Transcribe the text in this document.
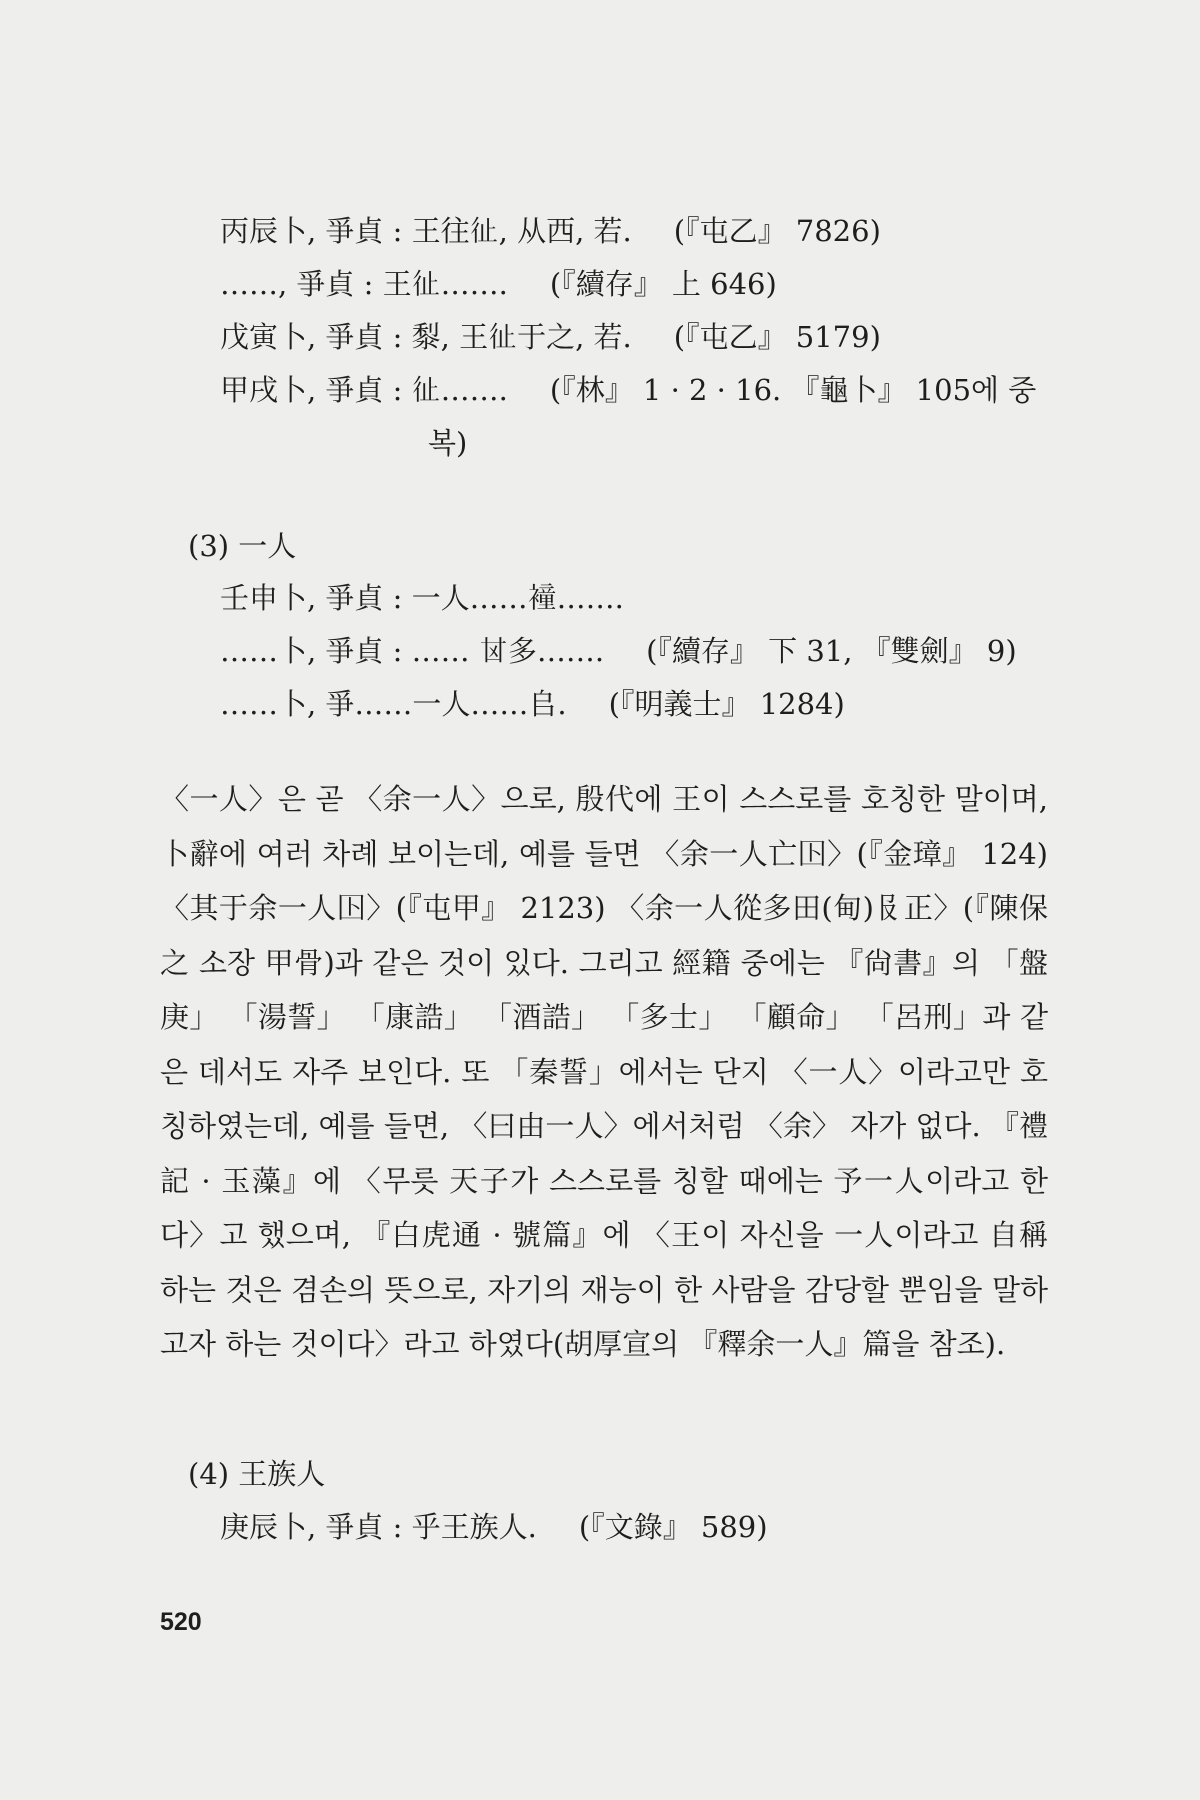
丙辰卜, 爭貞 : 王往𢓊, 从西, 若. (『屯乙』 7826)
……, 爭貞 : 王𢓊……. (『續存』 上 646)
戊寅卜, 爭貞 : 㴝, 王𢓊于之, 若. (『屯乙』 5179)
甲戌卜, 爭貞 : 𢓊……. (『林』 1 · 2 · 16. 『龜卜』 105에 중
복)
(3) 一人
壬申卜, 爭貞 : 一人……𧝎…….
……卜, 爭貞 : …… 𠀠多……. (『續存』 下 31, 『雙劍』 9)
……卜, 爭……一人……𠂤. (『明義士』 1284)

〈一人〉은 곧 〈余一人〉으로, 殷代에 王이 스스로를 호칭한 말이며, 卜辭에 여러 차례 보이는데, 예를 들면 〈余一人亡𡆥〉(『金璋』 124) 〈其于余一人𡆥〉(『屯甲』 2123) 〈余一人從多田(甸)𠬝正〉(『陳保之 소장 甲骨)과 같은 것이 있다. 그리고 經籍 중에는 『尙書』의 「盤庚」 「湯誓」 「康誥」 「酒誥」 「多士」 「顧命」 「呂刑」과 같은 데서도 자주 보인다. 또 「秦誓」에서는 단지 〈一人〉이라고만 호칭하였는데, 예를 들면, 〈曰由一人〉에서처럼 〈余〉 자가 없다. 『禮記 · 玉藻』에 〈무릇 天子가 스스로를 칭할 때에는 予一人이라고 한다〉고 했으며, 『白虎通 · 號篇』에 〈王이 자신을 一人이라고 自稱하는 것은 겸손의 뜻으로, 자기의 재능이 한 사람을 감당할 뿐임을 말하고자 하는 것이다〉라고 하였다(胡厚宣의 『釋余一人』篇을 참조).

(4) 王族人
庚辰卜, 爭貞 : 乎王族人. (『文錄』 589)
520
